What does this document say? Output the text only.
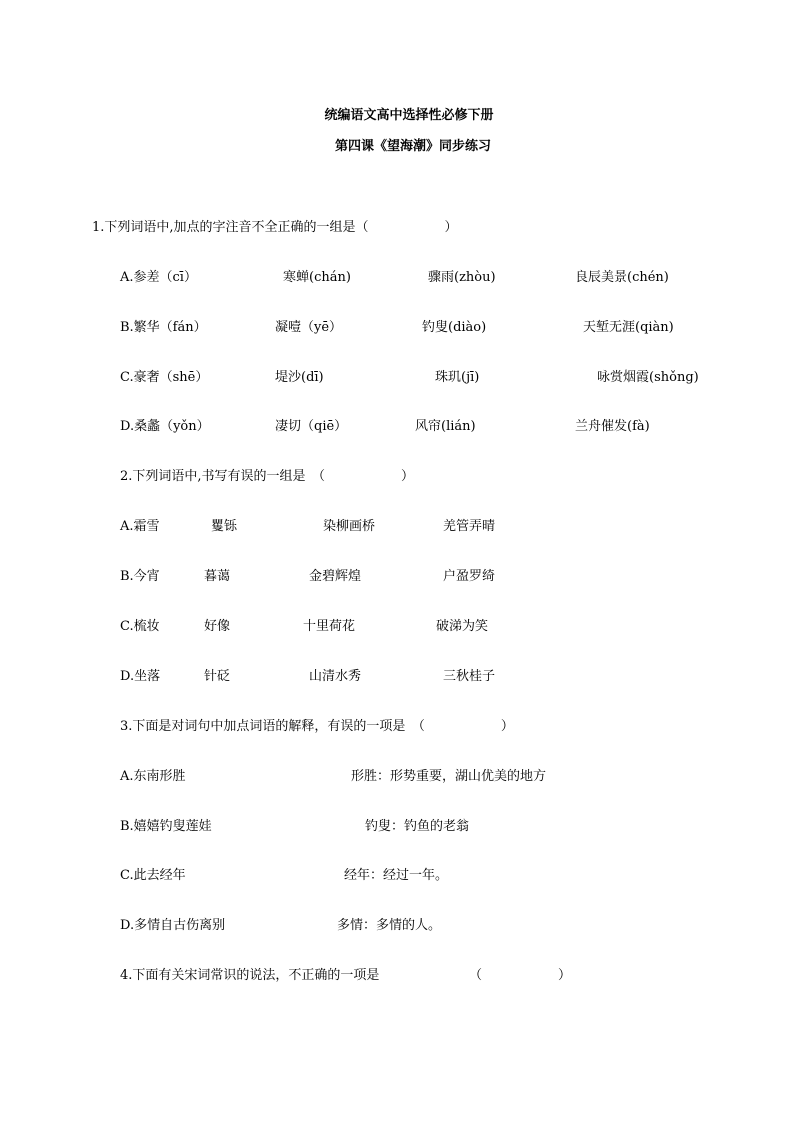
统编语文高中选择性必修下册
第四课《望海潮》同步练习
1.下列词语中,加点的字注音不全正确的一组是（	）
A.参差（cī）	寒蝉(chán)	骤雨(zhòu)	良辰美景(chén)
B.繁华（fán）	凝噎（yē）	钓叟(diào)	天堑无涯(qiàn)
C.豪奢（shē）	堤沙(dī)	珠玑(jī)	咏赏烟霞(shǒng)
D.桑蠡（yǒn）	凄切（qiē）	风帘(lián)	兰舟催发(fà)
2.下列词语中,书写有误的一组是　（	）
A.霜雪	矍铄	染柳画桥	羌管弄晴
B.今宵	暮蔼	金碧辉煌	户盈罗绮
C.梳妆	好像	十里荷花	破涕为笑
D.坐落	针砭	山清水秀	三秋桂子
3.下面是对词句中加点词语的解释，有误的一项是　（	）
A.东南形胜	形胜：形势重要，湖山优美的地方
B.嬉嬉钓叟莲娃	钓叟：钓鱼的老翁
C.此去经年	经年：经过一年。
D.多情自古伤离别	多情：多情的人。
4.下面有关宋词常识的说法，不正确的一项是	（	）
